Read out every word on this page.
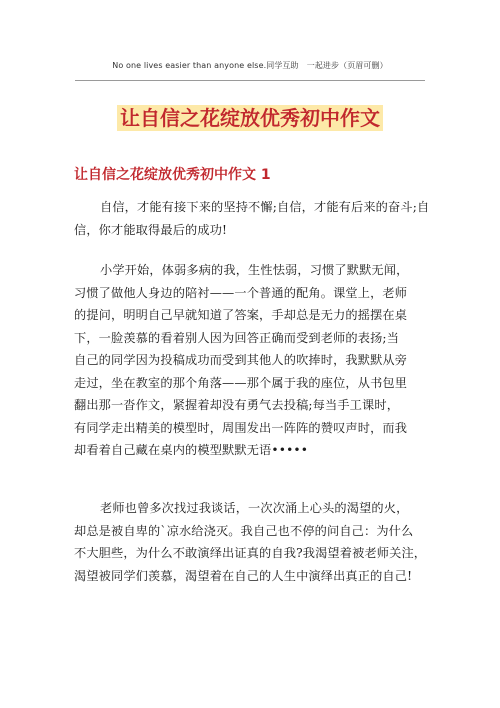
No one lives easier than anyone else.同学互助　一起进步（页眉可删）
让自信之花绽放优秀初中作文
让自信之花绽放优秀初中作文 1
自信，才能有接下来的坚持不懈;自信，才能有后来的奋斗;自
信，你才能取得最后的成功!
小学开始，体弱多病的我，生性怯弱，习惯了默默无闻，
习惯了做他人身边的陪衬——一个普通的配角。课堂上，老师
的提问，明明自己早就知道了答案，手却总是无力的摇摆在桌
下，一脸羡慕的看着别人因为回答正确而受到老师的表扬;当
自己的同学因为投稿成功而受到其他人的吹捧时，我默默从旁
走过，坐在教室的那个角落——那个属于我的座位，从书包里
翻出那一沓作文，紧握着却没有勇气去投稿;每当手工课时，
有同学走出精美的模型时，周围发出一阵阵的赞叹声时，而我
却看着自己藏在桌内的模型默默无语•••••
老师也曾多次找过我谈话，一次次涌上心头的渴望的火，
却总是被自卑的`凉水给浇灭。我自己也不停的问自己：为什么
不大胆些，为什么不敢演绎出证真的自我?我渴望着被老师关注，
渴望被同学们羡慕，渴望着在自己的人生中演绎出真正的自己!
